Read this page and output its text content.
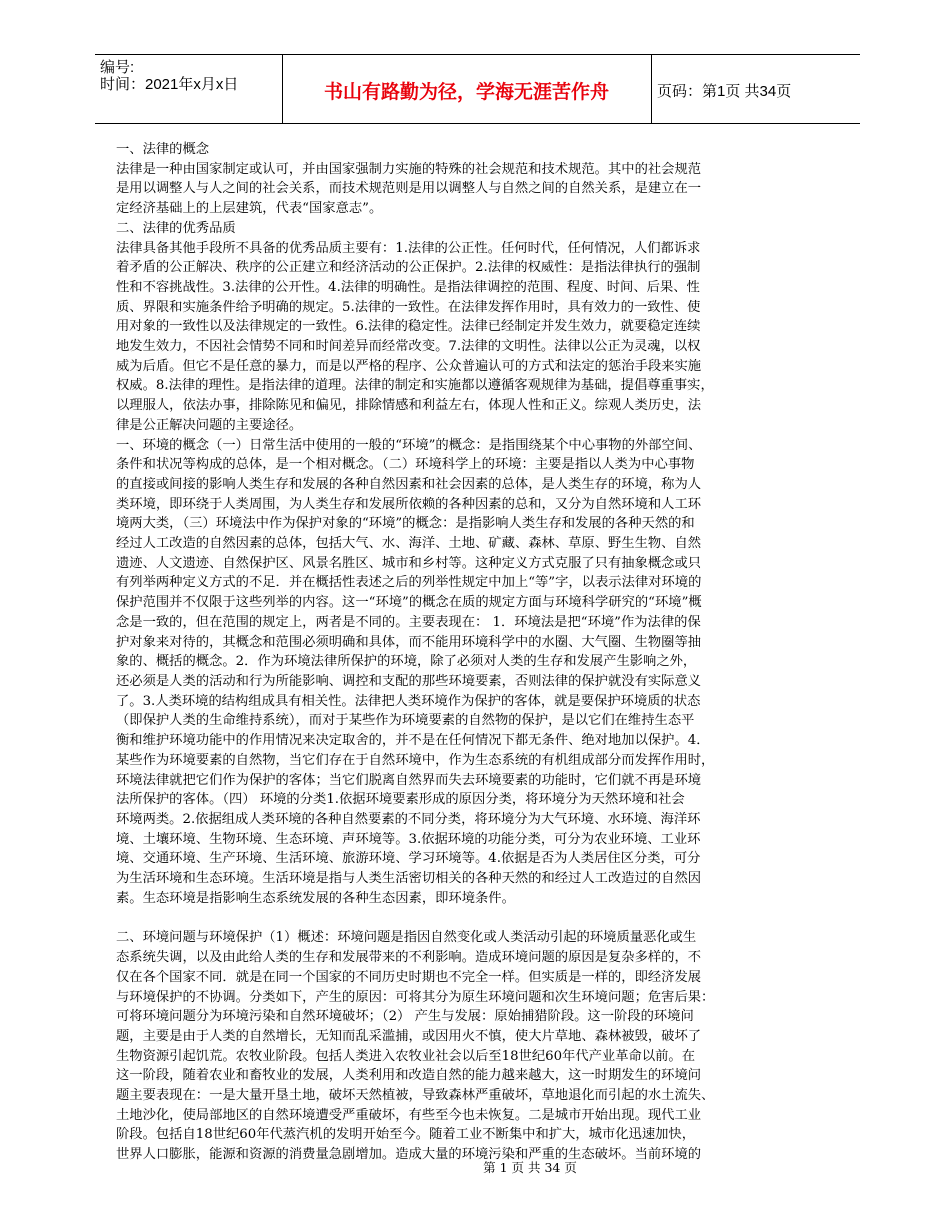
编号:
时间：2021年x月x日	书山有路勤为径，学海无涯苦作舟	页码：第1页 共34页

一、法律的概念
法律是一种由国家制定或认可，并由国家强制力实施的特殊的社会规范和技术规范。其中的社会规范
是用以调整人与人之间的社会关系，而技术规范则是用以调整人与自然之间的自然关系，是建立在一
定经济基础上的上层建筑，代表“国家意志”。
二、法律的优秀品质
法律具备其他手段所不具备的优秀品质主要有：1.法律的公正性。任何时代，任何情况，人们都诉求
着矛盾的公正解决、秩序的公正建立和经济活动的公正保护。2.法律的权威性：是指法律执行的强制
性和不容挑战性。3.法律的公开性。4.法律的明确性。是指法律调控的范围、程度、时间、后果、性
质、界限和实施条件给予明确的规定。5.法律的一致性。在法律发挥作用时，具有效力的一致性、使
用对象的一致性以及法律规定的一致性。6.法律的稳定性。法律已经制定并发生效力，就要稳定连续
地发生效力，不因社会情势不同和时间差异而经常改变。7.法律的文明性。法律以公正为灵魂，以权
威为后盾。但它不是任意的暴力，而是以严格的程序、公众普遍认可的方式和法定的惩治手段来实施
权威。8.法律的理性。是指法律的道理。法律的制定和实施都以遵循客观规律为基础，提倡尊重事实，
以理服人，依法办事，排除陈见和偏见，排除情感和利益左右，体现人性和正义。综观人类历史，法
律是公正解决问题的主要途径。
一、环境的概念（一）日常生活中使用的一般的“环境”的概念：是指围绕某个中心事物的外部空间、
条件和状况等构成的总体，是一个相对概念。（二）环境科学上的环境：主要是指以人类为中心事物
的直接或间接的影响人类生存和发展的各种自然因素和社会因素的总体，是人类生存的环境，称为人
类环境，即环绕于人类周围，为人类生存和发展所依赖的各种因素的总和，又分为自然环境和人工环
境两大类，（三）环境法中作为保护对象的“环境”的概念：是指影响人类生存和发展的各种天然的和
经过人工改造的自然因素的总体，包括大气、水、海洋、土地、矿藏、森林、草原、野生生物、自然
遗迹、人文遗迹、自然保护区、风景名胜区、城市和乡村等。这种定义方式克服了只有抽象概念或只
有列举两种定义方式的不足．并在概括性表述之后的列举性规定中加上“等”字，以表示法律对环境的
保护范围并不仅限于这些列举的内容。这一“环境”的概念在质的规定方面与环境科学研究的“环境”概
念是一致的，但在范围的规定上，两者是不同的。主要表现在： 1．环境法是把“环境”作为法律的保
护对象来对待的，其概念和范围必须明确和具体，而不能用环境科学中的水圈、大气圈、生物圈等抽
象的、概括的概念。2．作为环境法律所保护的环境，除了必须对人类的生存和发展产生影响之外，
还必须是人类的活动和行为所能影响、调控和支配的那些环境要素，否则法律的保护就没有实际意义
了。3.人类环境的结构组成具有相关性。法律把人类环境作为保护的客体，就是要保护环境质的状态
（即保护人类的生命维持系统），而对于某些作为环境要素的自然物的保护，是以它们在维持生态平
衡和维护环境功能中的作用情况来决定取舍的，并不是在任何情况下都无条件、绝对地加以保护。4．
某些作为环境要素的自然物，当它们存在于自然环境中，作为生态系统的有机组成部分而发挥作用时，
环境法律就把它们作为保护的客体；当它们脱离自然界而失去环境要素的功能时，它们就不再是环境
法所保护的客体。（四） 环境的分类1.依据环境要素形成的原因分类，将环境分为天然环境和社会
环境两类。2.依据组成人类环境的各种自然要素的不同分类，将环境分为大气环境、水环境、海洋环
境、土壤环境、生物环境、生态环境、声环境等。3.依据环境的功能分类，可分为农业环境、工业环
境、交通环境、生产环境、生活环境、旅游环境、学习环境等。4.依据是否为人类居住区分类，可分
为生活环境和生态环境。生活环境是指与人类生活密切相关的各种天然的和经过人工改造过的自然因
素。生态环境是指影响生态系统发展的各种生态因素，即环境条件。

二、环境问题与环境保护（1）概述：环境问题是指因自然变化或人类活动引起的环境质量恶化或生
态系统失调，以及由此给人类的生存和发展带来的不利影响。造成环境问题的原因是复杂多样的，不
仅在各个国家不同．就是在同一个国家的不同历史时期也不完全一样。但实质是一样的，即经济发展
与环境保护的不协调。分类如下，产生的原因：可将其分为原生环境问题和次生环境问题；危害后果：
可将环境问题分为环境污染和自然环境破坏；（2） 产生与发展：原始捕猎阶段。这一阶段的环境问
题，主要是由于人类的自然增长，无知而乱采滥捕，或因用火不慎，使大片草地、森林被毁，破坏了
生物资源引起饥荒。农牧业阶段。包括人类进入农牧业社会以后至18世纪60年代产业革命以前。在
这一阶段，随着农业和畜牧业的发展，人类利用和改造自然的能力越来越大，这一时期发生的环境问
题主要表现在：一是大量开垦土地，破坏天然植被，导致森林严重破坏，草地退化而引起的水土流失、
土地沙化，使局部地区的自然环境遭受严重破坏，有些至今也未恢复。二是城市开始出现。现代工业
阶段。包括自18世纪60年代蒸汽机的发明开始至今。随着工业不断集中和扩大，城市化迅速加快，
世界人口膨胀，能源和资源的消费量急剧增加。造成大量的环境污染和严重的生态破坏。当前环境的

第 1 页 共 34 页
